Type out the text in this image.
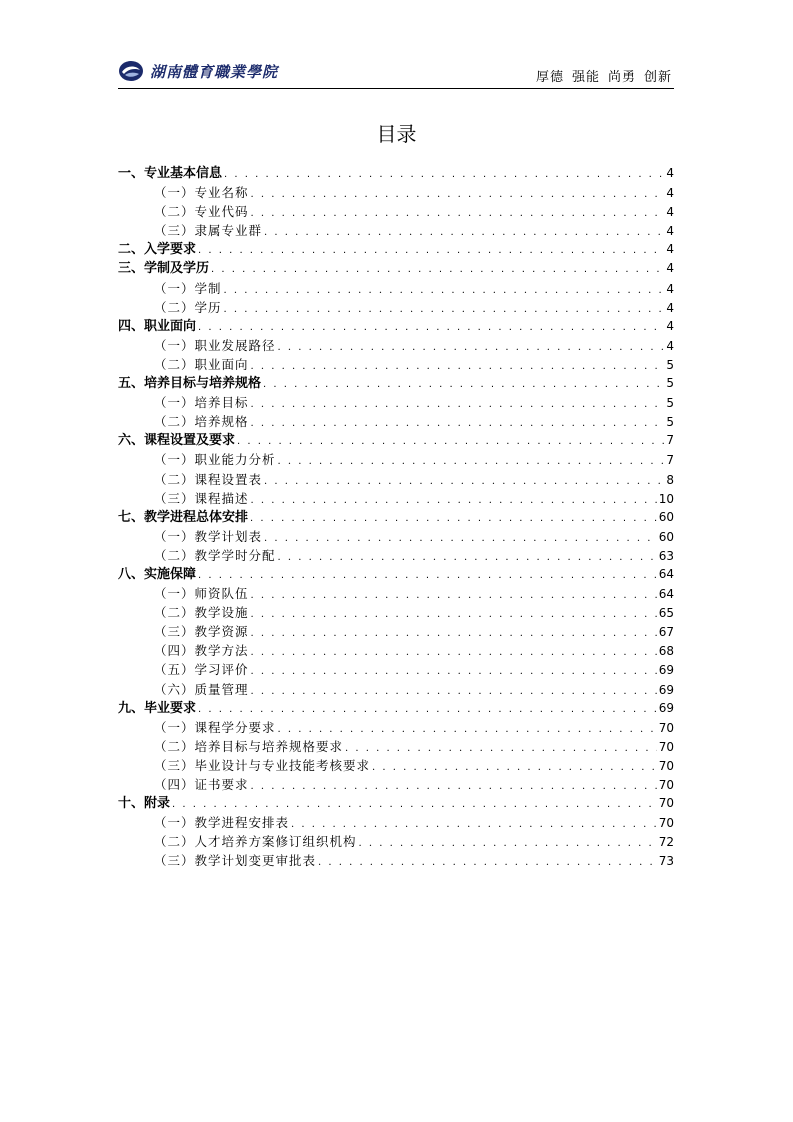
湖南體育職業學院	厚德 强能 尚勇 创新
目录
一、专业基本信息 . . .	4
（一）专业名称 . . .	4
（二）专业代码 . . .	4
（三）隶属专业群 . . .	4
二、入学要求 . . .	4
三、学制及学历 . . .	4
（一）学制 . . .	4
（二）学历 . . .	4
四、职业面向 . . .	4
（一）职业发展路径 . . .	4
（二）职业面向 . . .	5
五、培养目标与培养规格 . . .	5
（一）培养目标 . . .	5
（二）培养规格 . . .	5
六、课程设置及要求 . . .	7
（一）职业能力分析 . . .	7
（二）课程设置表 . . .	8
（三）课程描述 . . .	10
七、教学进程总体安排 . . .	60
（一）教学计划表 . . .	60
（二）教学学时分配 . . .	63
八、实施保障 . . .	64
（一）师资队伍 . . .	64
（二）教学设施 . . .	65
（三）教学资源 . . .	67
（四）教学方法 . . .	68
（五）学习评价 . . .	69
（六）质量管理 . . .	69
九、毕业要求 . . .	69
（一）课程学分要求 . . .	70
（二）培养目标与培养规格要求 . . .	70
（三）毕业设计与专业技能考核要求 . . .	70
（四）证书要求 . . .	70
十、附录 . . .	70
（一）教学进程安排表 . . .	70
（二）人才培养方案修订组织机构 . . .	72
（三）教学计划变更审批表 . . .	73
